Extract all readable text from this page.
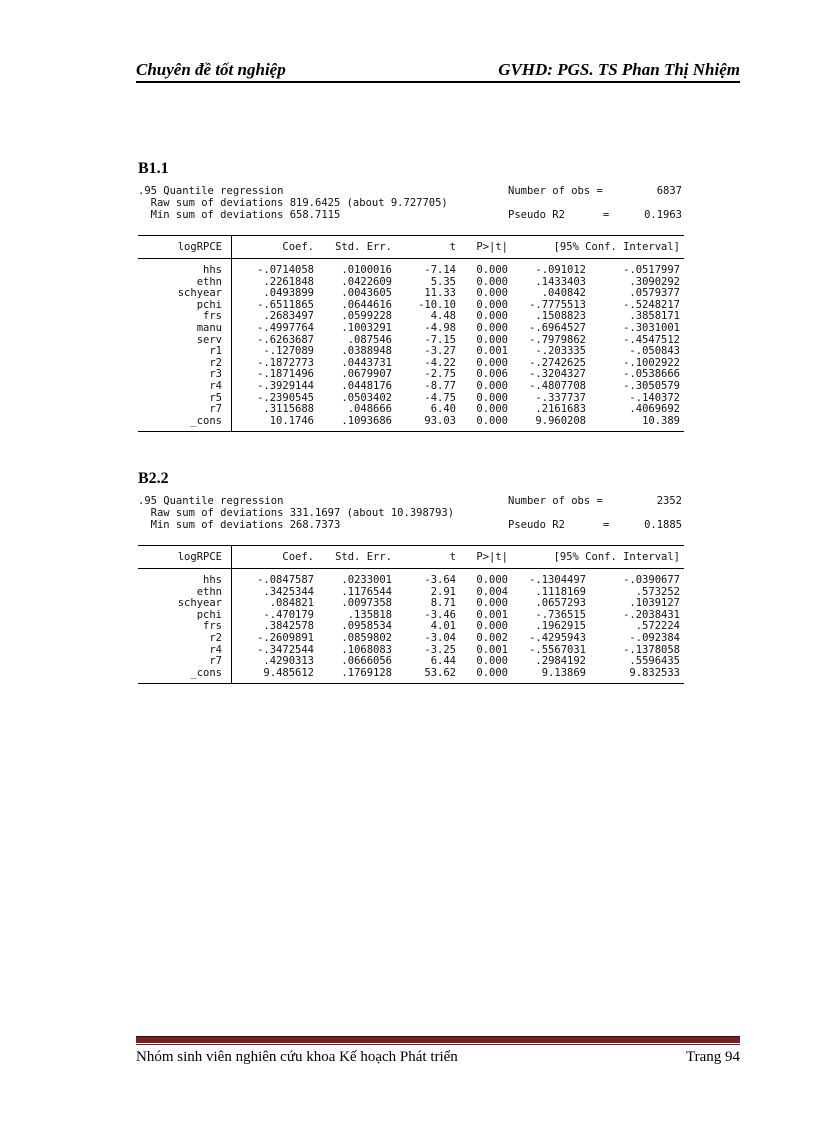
Chuyên đề tốt nghiệp	GVHD: PGS. TS Phan Thị Nhiệm
B1.1
.95 Quantile regression
Raw sum of deviations 819.6425 (about 9.727705)
Min sum of deviations 658.7115
Number of obs =	6837
Pseudo R2      =	0.1963
logRPCE	Coef. Std. Err.	t P>|t|	[95% Conf. Interval]
hhs	-.0714058	.0100016	-7.14 0.000	-.091012	-.0517997
ethn	.2261848	.0422609	5.35 0.000	.1433403	.3090292
schyear	.0493899	.0043605	11.33 0.000	.040842	.0579377
pchi	-.6511865	.0644616 -10.10 0.000 -.7775513	-.5248217
frs	.2683497	.0599228	4.48 0.000	.1508823	.3858171
manu	-.4997764	.1003291	-4.98 0.000 -.6964527	-.3031001
serv	-.6263687	.087546	-7.15 0.000 -.7979862	-.4547512
r1	-.127089	.0388948	-3.27 0.001	-.203335	-.050843
r2	-.1872773	.0443731	-4.22 0.000 -.2742625	-.1002922
r3	-.1871496	.0679907	-2.75 0.006 -.3204327	-.0538666
r4	-.3929144	.0448176	-8.77 0.000 -.4807708	-.3050579
r5	-.2390545	.0503402	-4.75 0.000	-.337737	-.140372
r7	.3115688	.048666	6.40 0.000	.2161683	.4069692
_cons	10.1746	.1093686	93.03 0.000	9.960208	10.389
B2.2
.95 Quantile regression
Raw sum of deviations 331.1697 (about 10.398793)
Min sum of deviations 268.7373
Number of obs =	2352
Pseudo R2      =	0.1885
logRPCE	Coef. Std. Err.	t P>|t|	[95% Conf. Interval]
hhs	-.0847587	.0233001	-3.64 0.000 -.1304497	-.0390677
ethn	.3425344	.1176544	2.91 0.004	.1118169	.573252
schyear	.084821	.0097358	8.71 0.000	.0657293	.1039127
pchi	-.470179	.135818	-3.46 0.001	-.736515	-.2038431
frs	.3842578	.0958534	4.01 0.000	.1962915	.572224
r2	-.2609891	.0859802	-3.04 0.002 -.4295943	-.092384
r4	-.3472544	.1068083	-3.25 0.001 -.5567031	-.1378058
r7	.4290313	.0666056	6.44 0.000	.2984192	.5596435
_cons	9.485612	.1769128	53.62 0.000	9.13869	9.832533
Nhóm sinh viên nghiên cứu khoa Kế hoạch Phát triển	Trang 94
